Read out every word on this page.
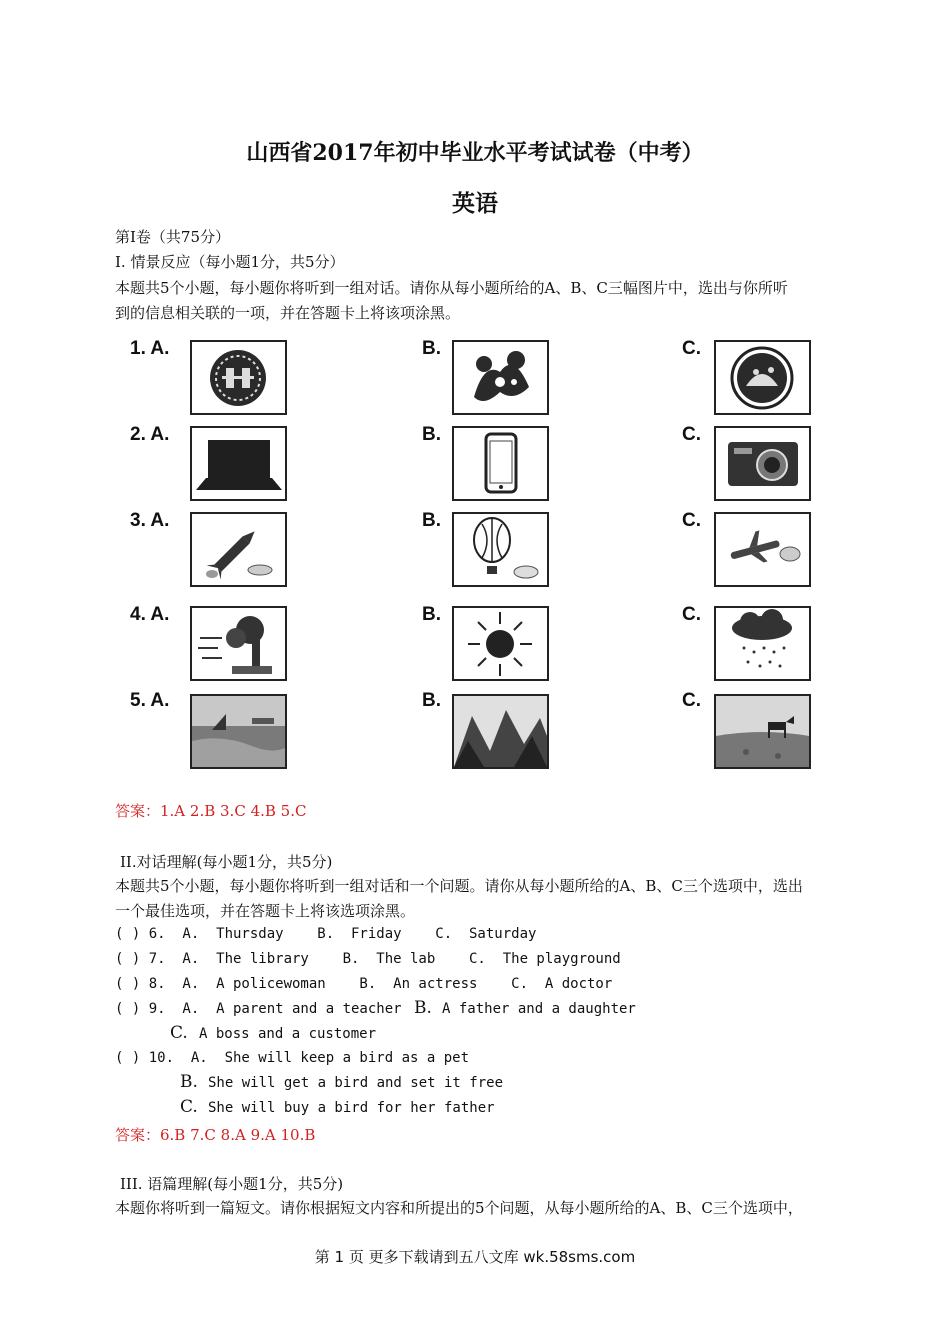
山西省2017年初中毕业水平考试试卷（中考）
英语
第I卷（共75分）
I. 情景反应（每小题1分，共5分）
本题共5个小题，每小题你将听到一组对话。请你从每小题所给的A、B、C三幅图片中，选出与你所听
到的信息相关联的一项，并在答题卡上将该项涂黑。
1. A.	B.	C.
2. A.	B.	C.
3. A.	B.	C.
4. A.	B.	C.
5. A.	B.	C.
答案：1.A 2.B 3.C 4.B 5.C
II.对话理解(每小题1分，共5分)
本题共5个小题，每小题你将听到一组对话和一个问题。请你从每小题所给的A、B、C三个选项中，选出
一个最佳选项，并在答题卡上将该选项涂黑。
( ) 6.  A.  Thursday    B.  Friday    C.  Saturday
( ) 7.  A.  The library    B.  The lab    C.  The playground
( ) 8.  A.  A policewoman    B.  An actress    C.  A doctor
( ) 9.  A.  A parent and a teacher B. A father and a daughter
C. A boss and a customer
( ) 10.  A.  She will keep a bird as a pet
B. She will get a bird and set it free
C. She will buy a bird for her father
答案：6.B 7.C 8.A 9.A 10.B
III. 语篇理解(每小题1分，共5分)
本题你将听到一篇短文。请你根据短文内容和所提出的5个问题，从每小题所给的A、B、C三个选项中，
第 1 页 更多下载请到五八文库 wk.58sms.com
